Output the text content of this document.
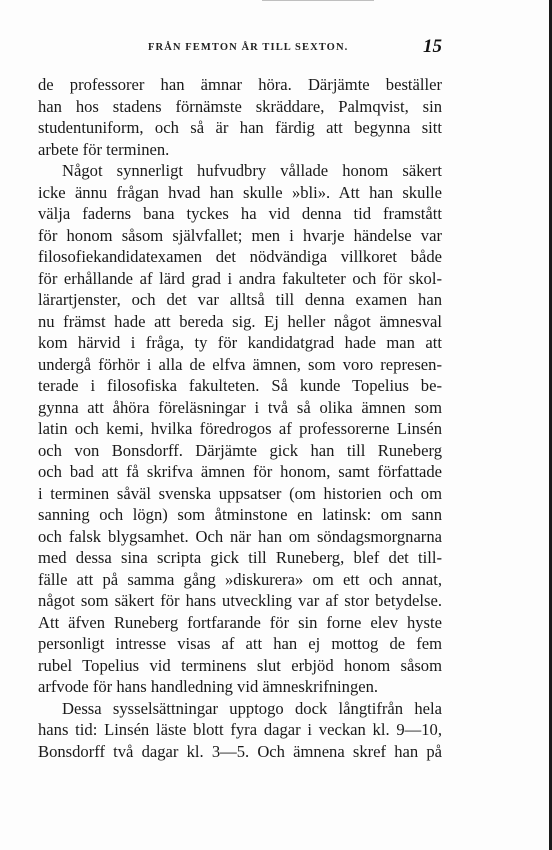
FRÅN FEMTON ÅR TILL SEXTON.	15
de professorer han ämnar höra. Därjämte beställer
han hos stadens förnämste skräddare, Palmqvist, sin
studentuniform, och så är han färdig att begynna sitt
arbete för terminen.
Något synnerligt hufvudbry vållade honom säkert
icke ännu frågan hvad han skulle »bli». Att han skulle
välja faderns bana tyckes ha vid denna tid framstått
för honom såsom självfallet; men i hvarje händelse var
filosofiekandidatexamen det nödvändiga villkoret både
för erhållande af lärd grad i andra fakulteter och för skol-
lärartjenster, och det var alltså till denna examen han
nu främst hade att bereda sig. Ej heller något ämnesval
kom härvid i fråga, ty för kandidatgrad hade man att
undergå förhör i alla de elfva ämnen, som voro represen-
terade i filosofiska fakulteten. Så kunde Topelius be-
gynna att åhöra föreläsningar i två så olika ämnen som
latin och kemi, hvilka föredrogos af professorerne Linsén
och von Bonsdorff. Därjämte gick han till Runeberg
och bad att få skrifva ämnen för honom, samt författade
i terminen såväl svenska uppsatser (om historien och om
sanning och lögn) som åtminstone en latinsk: om sann
och falsk blygsamhet. Och när han om söndagsmorgnarna
med dessa sina scripta gick till Runeberg, blef det till-
fälle att på samma gång »diskurera» om ett och annat,
något som säkert för hans utveckling var af stor betydelse.
Att äfven Runeberg fortfarande för sin forne elev hyste
personligt intresse visas af att han ej mottog de fem
rubel Topelius vid terminens slut erbjöd honom såsom
arfvode för hans handledning vid ämneskrifningen.
Dessa sysselsättningar upptogo dock långtifrån hela
hans tid: Linsén läste blott fyra dagar i veckan kl. 9—10,
Bonsdorff två dagar kl. 3—5. Och ämnena skref han på
